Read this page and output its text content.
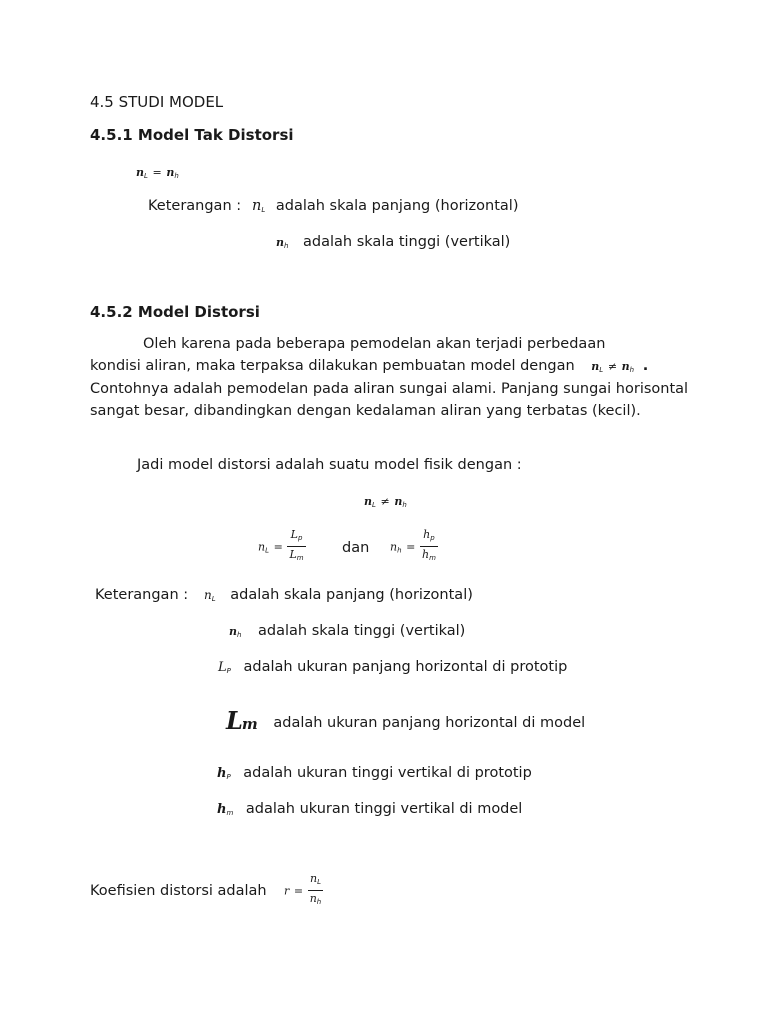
4.5 STUDI MODEL
4.5.1 Model Tak Distorsi
$n_L = n_h$
Keterangan : $n_L$ adalah skala panjang (horizontal)
$n_h$ adalah skala tinggi (vertikal)
4.5.2 Model Distorsi
Oleh karena pada beberapa pemodelan akan terjadi perbedaan
kondisi aliran, maka terpaksa dilakukan pembuatan model dengan $n_L \ne n_h$ .
Contohnya adalah pemodelan pada aliran sungai alami. Panjang sungai horisontal sangat besar, dibandingkan dengan kedalaman aliran yang terbatas (kecil).
Jadi model distorsi adalah suatu model fisik dengan :
$n_L \ne n_h$
$n_L = \frac{L_p}{L_m}$	dan $n_h = \frac{h_p}{h_m}$
Keterangan : $n_L$ adalah skala panjang (horizontal)
$n_h$ adalah skala tinggi (vertikal)
$L_P$ adalah ukuran panjang horizontal di prototip
Lm adalah ukuran panjang horizontal di model
$h_P$ adalah ukuran tinggi vertikal di prototip
$h_m$ adalah ukuran tinggi vertikal di model
Koefisien distorsi adalah $r = \frac{n_L}{n_h}$
